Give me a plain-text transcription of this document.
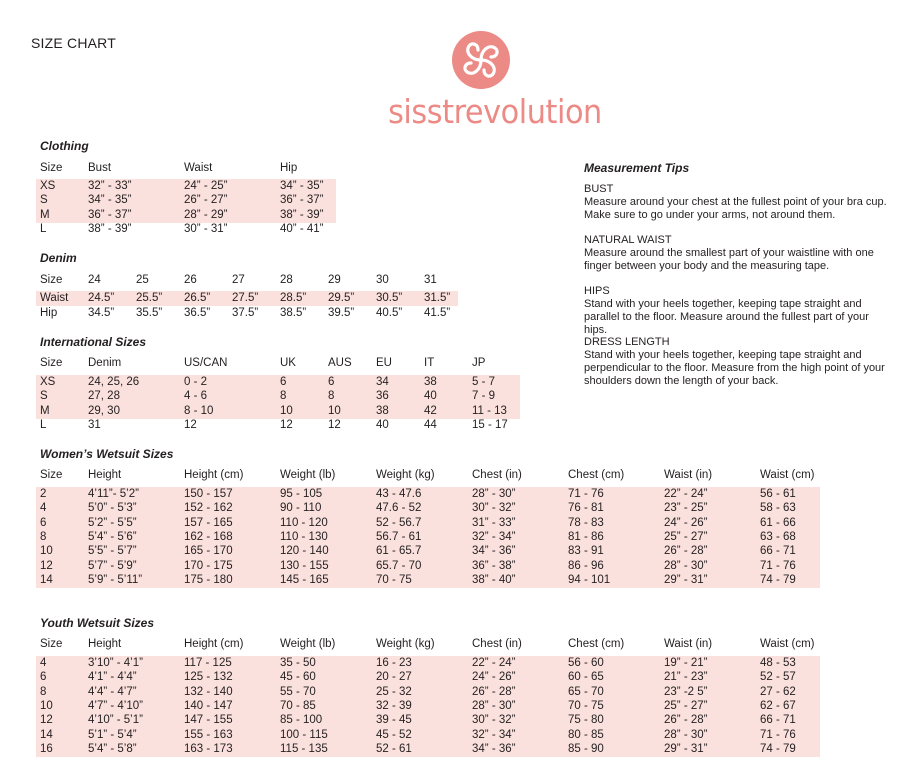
SIZE CHART
sisstrevolution
Clothing
Size Bust	Waist	Hip
XS	32” - 33”	24” - 25”	34” - 35”
S	34” - 35”	26” - 27”	36” - 37”
M	36” - 37”	28” - 29”	38” - 39”
L	38” - 39”	30” - 31”	40” - 41”
Denim
Size 24	25	26	27	28	29	30	31
Waist 24.5” 25.5” 26.5” 27.5” 28.5” 29.5” 30.5” 31.5”
Hip	34.5” 35.5” 36.5” 37.5” 38.5” 39.5” 40.5” 41.5”
International Sizes
Size Denim	US/CAN	UK	AUS EU	IT	JP
XS	24, 25, 26	0 - 2	6	6	34	38	5 - 7
S	27, 28	4 - 6	8	8	36	40	7 - 9
M	29, 30	8 - 10	10	10	38	42	11 - 13
L	31	12	12	12	40	44	15 - 17
Women’s Wetsuit Sizes
Size Height	Height (cm)	Weight (lb)	Weight (kg)	Chest (in)	Chest (cm)	Waist (in)	Waist (cm)
2	4’11”- 5’2”	150 - 157	95 - 105	43 - 47.6	28” - 30”	71 - 76	22” - 24”	56 - 61
4	5’0” - 5’3”	152 - 162	90 - 110	47.6 - 52	30” - 32”	76 - 81	23” - 25”	58 - 63
6	5’2” - 5’5”	157 - 165	110 - 120	52 - 56.7	31” - 33”	78 - 83	24” - 26”	61 - 66
8	5’4” - 5’6”	162 - 168	110 - 130	56.7 - 61	32” - 34”	81 - 86	25” - 27”	63 - 68
10	5’5” - 5’7”	165 - 170	120 - 140	61 - 65.7	34” - 36”	83 - 91	26” - 28”	66 - 71
12	5’7” - 5’9”	170 - 175	130 - 155	65.7 - 70	36” - 38”	86 - 96	28” - 30”	71 - 76
14	5’9” - 5’11”	175 - 180	145 - 165	70 - 75	38” - 40”	94 - 101	29” - 31”	74 - 79
Youth Wetsuit Sizes
Size Height	Height (cm)	Weight (lb)	Weight (kg)	Chest (in)	Chest (cm)	Waist (in)	Waist (cm)
4	3’10” - 4’1”	117 - 125	35 - 50	16 - 23	22” - 24”	56 - 60	19” - 21”	48 - 53
6	4’1” - 4’4”	125 - 132	45 - 60	20 - 27	24” - 26”	60 - 65	21” - 23”	52 - 57
8	4’4” - 4’7”	132 - 140	55 - 70	25 - 32	26” - 28”	65 - 70	23” -2 5”	27 - 62
10	4’7” - 4’10”	140 - 147	70 - 85	32 - 39	28” - 30”	70 - 75	25” - 27”	62 - 67
12	4’10” - 5’1”	147 - 155	85 - 100	39 - 45	30” - 32”	75 - 80	26” - 28”	66 - 71
14	5’1” - 5’4”	155 - 163	100 - 115	45 - 52	32” - 34”	80 - 85	28” - 30”	71 - 76
16	5’4” - 5’8”	163 - 173	115 - 135	52 - 61	34” - 36”	85 - 90	29” - 31”	74 - 79
Measurement Tips
BUST
Measure around your chest at the fullest point of your bra cup. Make sure to go under your arms, not around them.
NATURAL WAIST
Measure around the smallest part of your waistline with one finger between your body and the measuring tape.
HIPS
Stand with your heels together, keeping tape straight and parallel to the floor. Measure around the fullest part of your hips.
DRESS LENGTH
Stand with your heels together, keeping tape straight and perpendicular to the floor. Measure from the high point of your shoulders down the length of your back.
